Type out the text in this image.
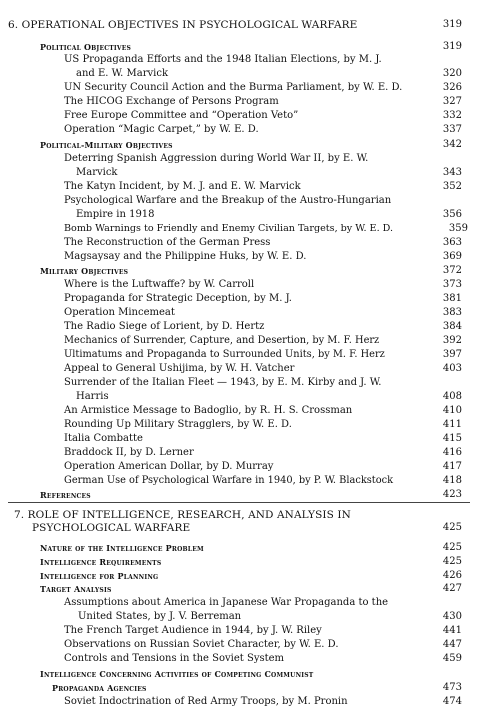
6. OPERATIONAL OBJECTIVES IN PSYCHOLOGICAL WARFARE	319
Political Objectives	319
US Propaganda Efforts and the 1948 Italian Elections, by M. J.
and E. W. Marvick	320
UN Security Council Action and the Burma Parliament, by W. E. D.	326
The HICOG Exchange of Persons Program	327
Free Europe Committee and “Operation Veto”	332
Operation “Magic Carpet,” by W. E. D.	337
Political-Military Objectives	342
Deterring Spanish Aggression during World War II, by E. W.
Marvick	343
The Katyn Incident, by M. J. and E. W. Marvick	352
Psychological Warfare and the Breakup of the Austro-Hungarian
Empire in 1918	356
Bomb Warnings to Friendly and Enemy Civilian Targets, by W. E. D.	359
The Reconstruction of the German Press	363
Magsaysay and the Philippine Huks, by W. E. D.	369
Military Objectives	372
Where is the Luftwaffe? by W. Carroll	373
Propaganda for Strategic Deception, by M. J.	381
Operation Mincemeat	383
The Radio Siege of Lorient, by D. Hertz	384
Mechanics of Surrender, Capture, and Desertion, by M. F. Herz	392
Ultimatums and Propaganda to Surrounded Units, by M. F. Herz	397
Appeal to General Ushijima, by W. H. Vatcher	403
Surrender of the Italian Fleet — 1943, by E. M. Kirby and J. W.
Harris	408
An Armistice Message to Badoglio, by R. H. S. Crossman	410
Rounding Up Military Stragglers, by W. E. D.	411
Italia Combatte	415
Braddock II, by D. Lerner	416
Operation American Dollar, by D. Murray	417
German Use of Psychological Warfare in 1940, by P. W. Blackstock	418
References	423
7. ROLE OF INTELLIGENCE, RESEARCH, AND ANALYSIS IN
PSYCHOLOGICAL WARFARE	425
Nature of the Intelligence Problem	425
Intelligence Requirements	425
Intelligence for Planning	426
Target Analysis	427
Assumptions about America in Japanese War Propaganda to the
United States, by J. V. Berreman	430
The French Target Audience in 1944, by J. W. Riley	441
Observations on Russian Soviet Character, by W. E. D.	447
Controls and Tensions in the Soviet System	459
Intelligence Concerning Activities of Competing Communist
Propaganda Agencies	473
Soviet Indoctrination of Red Army Troops, by M. Pronin	474
